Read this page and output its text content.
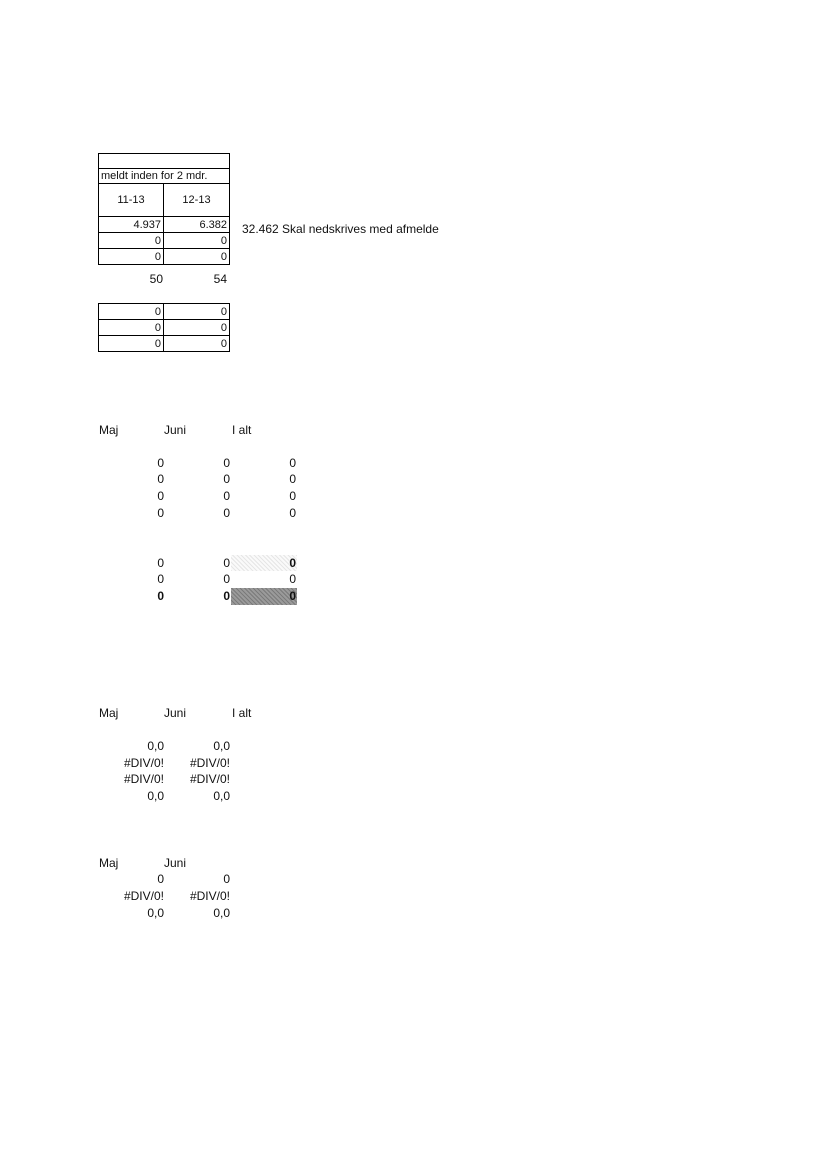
meldt inden for 2 mdr.	
11-13	12-13
4.937	6.382
0	0
0	0
32.462 Skal nedskrives med afmelde
50	54
0	0
0	0
0	0
Maj	Juni	I alt
0	0	0
0	0	0
0	0	0
0	0	0
0	0	0
0	0	0
0	0	0
Maj	Juni	I alt
0,0	0,0
#DIV/0!	#DIV/0!
#DIV/0!	#DIV/0!
0,0	0,0
Maj	Juni
0	0
#DIV/0!	#DIV/0!
0,0	0,0
